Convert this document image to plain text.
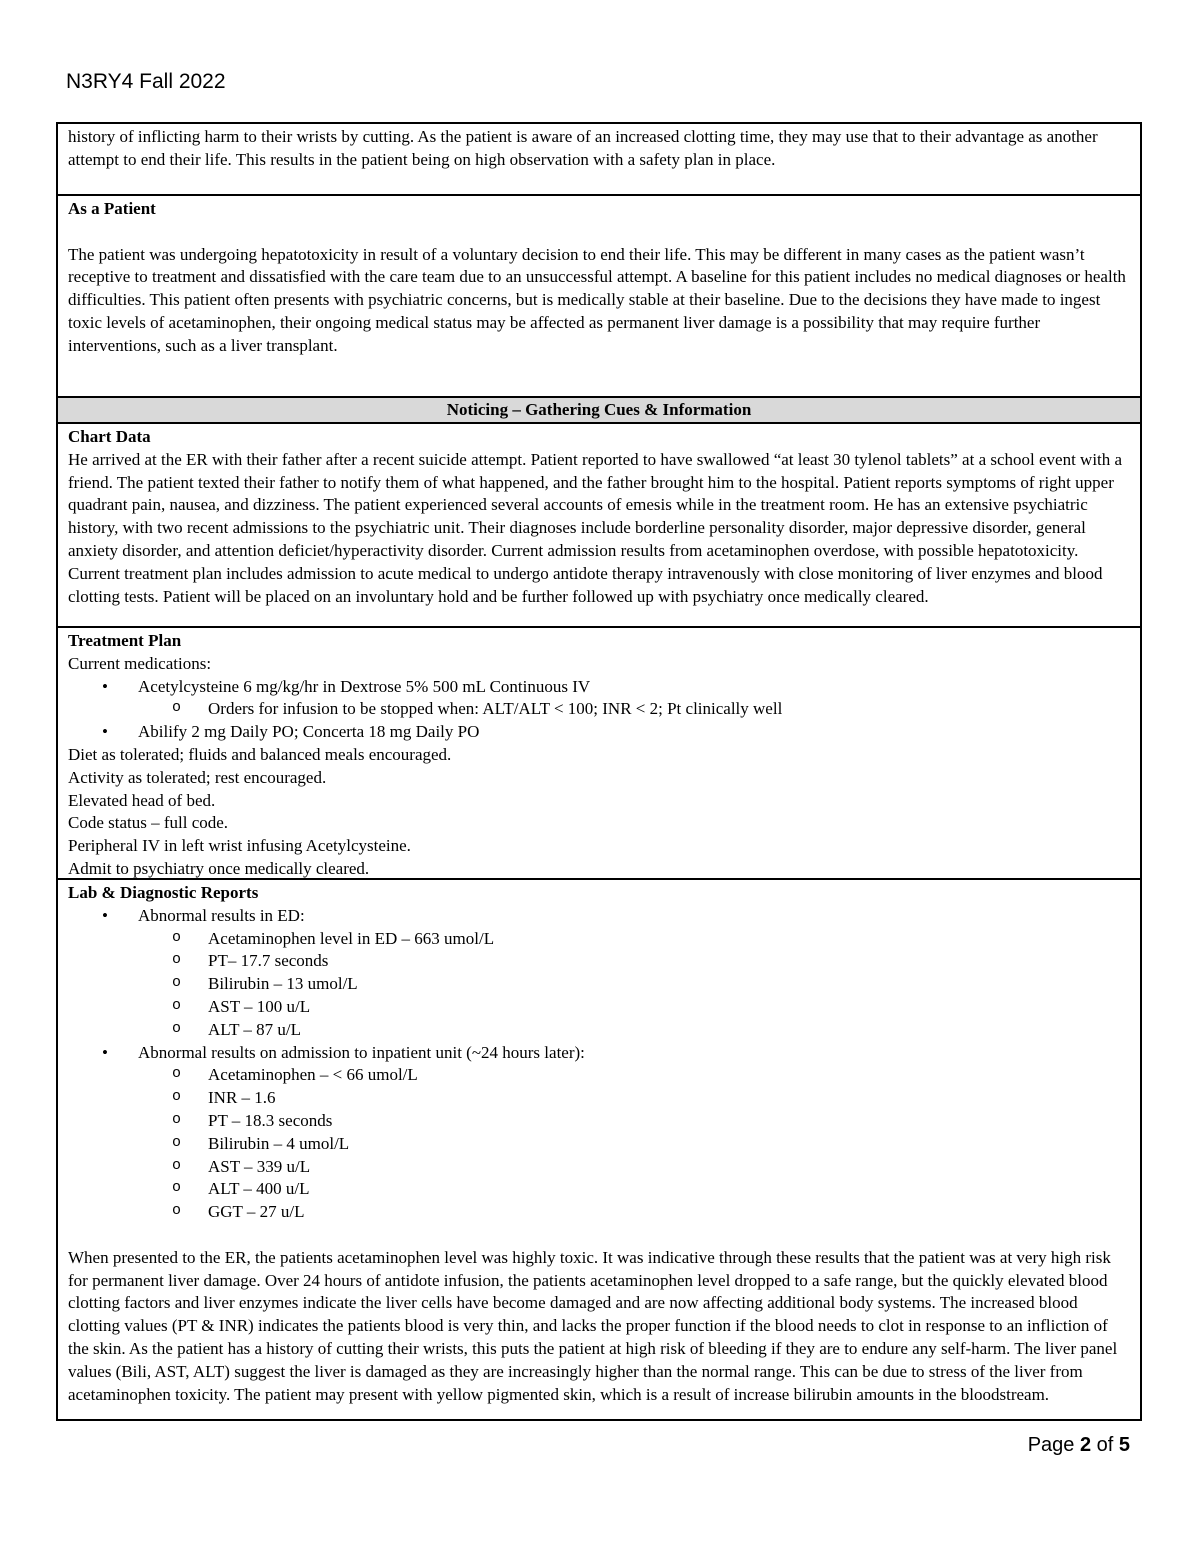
N3RY4 Fall 2022

history of inflicting harm to their wrists by cutting. As the patient is aware of an increased clotting time, they may use that to their advantage as another attempt to end their life. This results in the patient being on high observation with a safety plan in place.

As a Patient

The patient was undergoing hepatotoxicity in result of a voluntary decision to end their life. This may be different in many cases as the patient wasn’t receptive to treatment and dissatisfied with the care team due to an unsuccessful attempt. A baseline for this patient includes no medical diagnoses or health difficulties. This patient often presents with psychiatric concerns, but is medically stable at their baseline. Due to the decisions they have made to ingest toxic levels of acetaminophen, their ongoing medical status may be affected as permanent liver damage is a possibility that may require further interventions, such as a liver transplant.

Noticing – Gathering Cues & Information

Chart Data

He arrived at the ER with their father after a recent suicide attempt. Patient reported to have swallowed “at least 30 tylenol tablets” at a school event with a friend. The patient texted their father to notify them of what happened, and the father brought him to the hospital. Patient reports symptoms of right upper quadrant pain, nausea, and dizziness. The patient experienced several accounts of emesis while in the treatment room. He has an extensive psychiatric history, with two recent admissions to the psychiatric unit. Their diagnoses include borderline personality disorder, major depressive disorder, general anxiety disorder, and attention deficiet/hyperactivity disorder. Current admission results from acetaminophen overdose, with possible hepatotoxicity. Current treatment plan includes admission to acute medical to undergo antidote therapy intravenously with close monitoring of liver enzymes and blood clotting tests. Patient will be placed on an involuntary hold and be further followed up with psychiatry once medically cleared.

Treatment Plan

Current medications:

• Acetylcysteine 6 mg/kg/hr in Dextrose 5% 500 mL Continuous IV
o Orders for infusion to be stopped when: ALT/ALT < 100; INR < 2; Pt clinically well
• Abilify 2 mg Daily PO; Concerta 18 mg Daily PO

Diet as tolerated; fluids and balanced meals encouraged.

Activity as tolerated; rest encouraged.

Elevated head of bed.

Code status – full code.

Peripheral IV in left wrist infusing Acetylcysteine.

Admit to psychiatry once medically cleared.

Lab & Diagnostic Reports

• Abnormal results in ED:
o Acetaminophen level in ED – 663 umol/L
o PT– 17.7 seconds
o Bilirubin – 13 umol/L
o AST – 100 u/L
o ALT – 87 u/L
• Abnormal results on admission to inpatient unit (~24 hours later):
o Acetaminophen – < 66 umol/L
o INR – 1.6
o PT – 18.3 seconds
o Bilirubin – 4 umol/L
o AST – 339 u/L
o ALT – 400 u/L
o GGT – 27 u/L

When presented to the ER, the patients acetaminophen level was highly toxic. It was indicative through these results that the patient was at very high risk for permanent liver damage. Over 24 hours of antidote infusion, the patients acetaminophen level dropped to a safe range, but the quickly elevated blood clotting factors and liver enzymes indicate the liver cells have become damaged and are now affecting additional body systems. The increased blood clotting values (PT & INR) indicates the patients blood is very thin, and lacks the proper function if the blood needs to clot in response to an infliction of the skin. As the patient has a history of cutting their wrists, this puts the patient at high risk of bleeding if they are to endure any self-harm. The liver panel values (Bili, AST, ALT) suggest the liver is damaged as they are increasingly higher than the normal range. This can be due to stress of the liver from acetaminophen toxicity. The patient may present with yellow pigmented skin, which is a result of increase bilirubin amounts in the bloodstream.

Page 2 of 5
